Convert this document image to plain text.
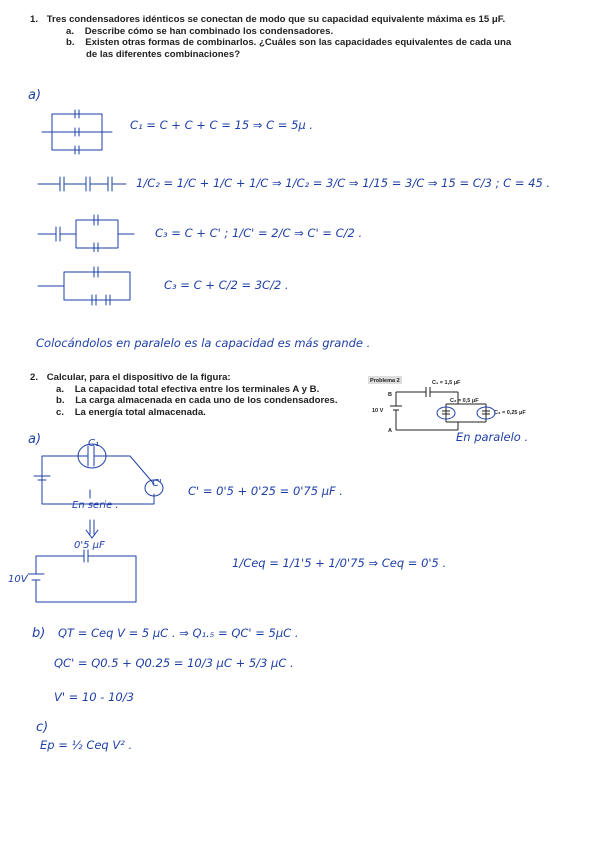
1. Tres condensadores idénticos se conectan de modo que su capacidad equivalente máxima es 15 μF.
a. Describe cómo se han combinado los condensadores.
b. Existen otras formas de combinarlos. ¿Cuáles son las capacidades equivalentes de cada una
de las diferentes combinaciones?
a)
C₁ = C + C + C = 15 ⇒ C = 5μ .
1/C₂ = 1/C + 1/C + 1/C ⇒ 1/C₂ = 3/C ⇒ 1/15 = 3/C ⇒ 15 = C/3 ; C = 45 .
C₃ = C + C' ; 1/C' = 2/C ⇒ C' = C/2 .
C₃ = C + C/2 = 3C/2 .
Colocándolos en paralelo es la capacidad es más grande .
2. Calcular, para el dispositivo de la figura:
a. La capacidad total efectiva entre los terminales A y B.
b. La carga almacenada en cada uno de los condensadores.
c. La energía total almacenada.
Problema 2	C₁ = 1,5 μF
C₂ = 0,5 μF
C₃ = 0,25 μF
10 V
B
A	En paralelo .
a)	C₁
C'
En serie .
C' = 0'5 + 0'25 = 0'75 μF .
0'5 μF
10V
1/Ceq = 1/1'5 + 1/0'75 ⇒ Ceq = 0'5 .
b) QT = Ceq V = 5 μC . ⇒ Q₁.₅ = QC' = 5μC .
QC' = Q0.5 + Q0.25 = 10/3 μC + 5/3 μC .
V' = 10 - 10/3
c)
Ep = ½ Ceq V² .
